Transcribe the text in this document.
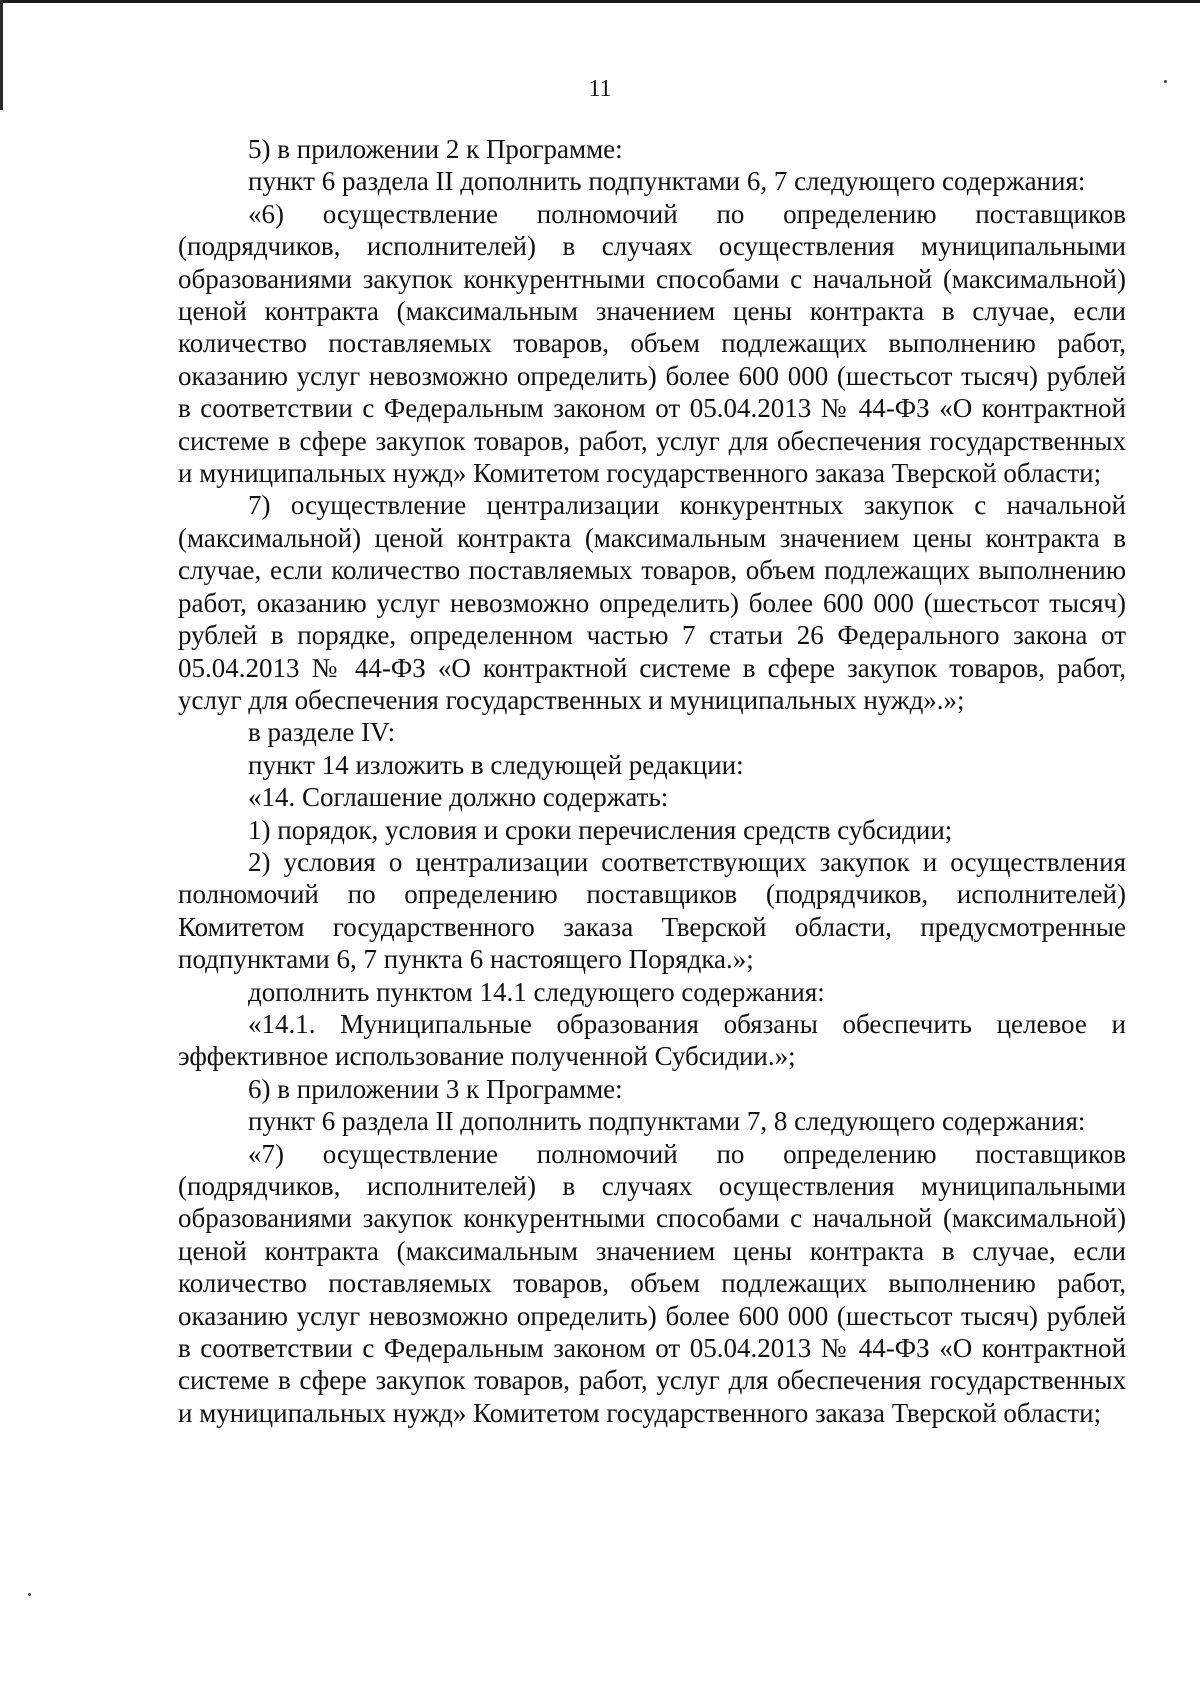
11

5) в приложении 2 к Программе:

пункт 6 раздела II дополнить подпунктами 6, 7 следующего содержания:

«6) осуществление полномочий по определению поставщиков (подрядчиков, исполнителей) в случаях осуществления муниципальными образованиями закупок конкурентными способами с начальной (максимальной) ценой контракта (максимальным значением цены контракта в случае, если количество поставляемых товаров, объем подлежащих выполнению работ, оказанию услуг невозможно определить) более 600 000 (шестьсот тысяч) рублей в соответствии с Федеральным законом от 05.04.2013 № 44-ФЗ «О контрактной системе в сфере закупок товаров, работ, услуг для обеспечения государственных и муниципальных нужд» Комитетом государственного заказа Тверской области;

7) осуществление централизации конкурентных закупок с начальной (максимальной) ценой контракта (максимальным значением цены контракта в случае, если количество поставляемых товаров, объем подлежащих выполнению работ, оказанию услуг невозможно определить) более 600 000 (шестьсот тысяч) рублей в порядке, определенном частью 7 статьи 26 Федерального закона от 05.04.2013 № 44-ФЗ «О контрактной системе в сфере закупок товаров, работ, услуг для обеспечения государственных и муниципальных нужд».»;

в разделе IV:

пункт 14 изложить в следующей редакции:

«14. Соглашение должно содержать:

1) порядок, условия и сроки перечисления средств субсидии;

2) условия о централизации соответствующих закупок и осуществления полномочий по определению поставщиков (подрядчиков, исполнителей) Комитетом государственного заказа Тверской области, предусмотренные подпунктами 6, 7 пункта 6 настоящего Порядка.»;

дополнить пунктом 14.1 следующего содержания:

«14.1. Муниципальные образования обязаны обеспечить целевое и эффективное использование полученной Субсидии.»;

6) в приложении 3 к Программе:

пункт 6 раздела II дополнить подпунктами 7, 8 следующего содержания:

«7) осуществление полномочий по определению поставщиков (подрядчиков, исполнителей) в случаях осуществления муниципальными образованиями закупок конкурентными способами с начальной (максимальной) ценой контракта (максимальным значением цены контракта в случае, если количество поставляемых товаров, объем подлежащих выполнению работ, оказанию услуг невозможно определить) более 600 000 (шестьсот тысяч) рублей в соответствии с Федеральным законом от 05.04.2013 № 44-ФЗ «О контрактной системе в сфере закупок товаров, работ, услуг для обеспечения государственных и муниципальных нужд» Комитетом государственного заказа Тверской области;
